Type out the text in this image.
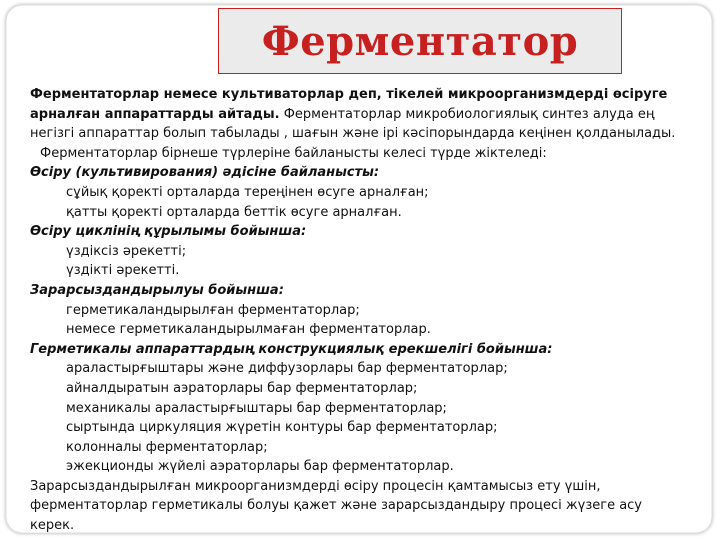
Ферментатор

Ферментаторлар немесе культиваторлар деп, тікелей микроорганизмдерді өсіруге

арналған аппараттарды айтады. Ферментаторлар микробиологиялық синтез алуда ең

негізгі аппараттар болып табылады , шағын және ірі кәсіпорындарда кеңінен қолданылады.

Ферментаторлар бірнеше түрлеріне байланысты келесі түрде жіктеледі:

Өсіру (культивирования) әдісіне байланысты:

сұйық қоректі орталарда тереңінен өсуге арналған;

қатты қоректі орталарда беттік өсуге арналған.

Өсіру циклінің құрылымы бойынша:

үздіксіз әрекетті;

үздікті әрекетті.

Зарарсыздандырылуы бойынша:

герметикаландырылған ферментаторлар;

немесе герметикаландырылмаған ферментаторлар.

Герметикалы аппараттардың конструкциялық ерекшелігі бойынша:

араластырғыштары және диффузорлары бар ферментаторлар;

айналдыратын аэраторлары бар ферментаторлар;

механикалы араластырғыштары бар ферментаторлар;

сыртында циркуляция жүретін контуры бар ферментаторлар;

колонналы ферментаторлар;

эжекционды жүйелі аэраторлары бар ферментаторлар.

Зарарсыздандырылған микроорганизмдерді өсіру процесін қамтамысыз ету үшін,

ферментаторлар герметикалы болуы қажет және зарарсыздандыру процесі жүзеге асу

керек.
